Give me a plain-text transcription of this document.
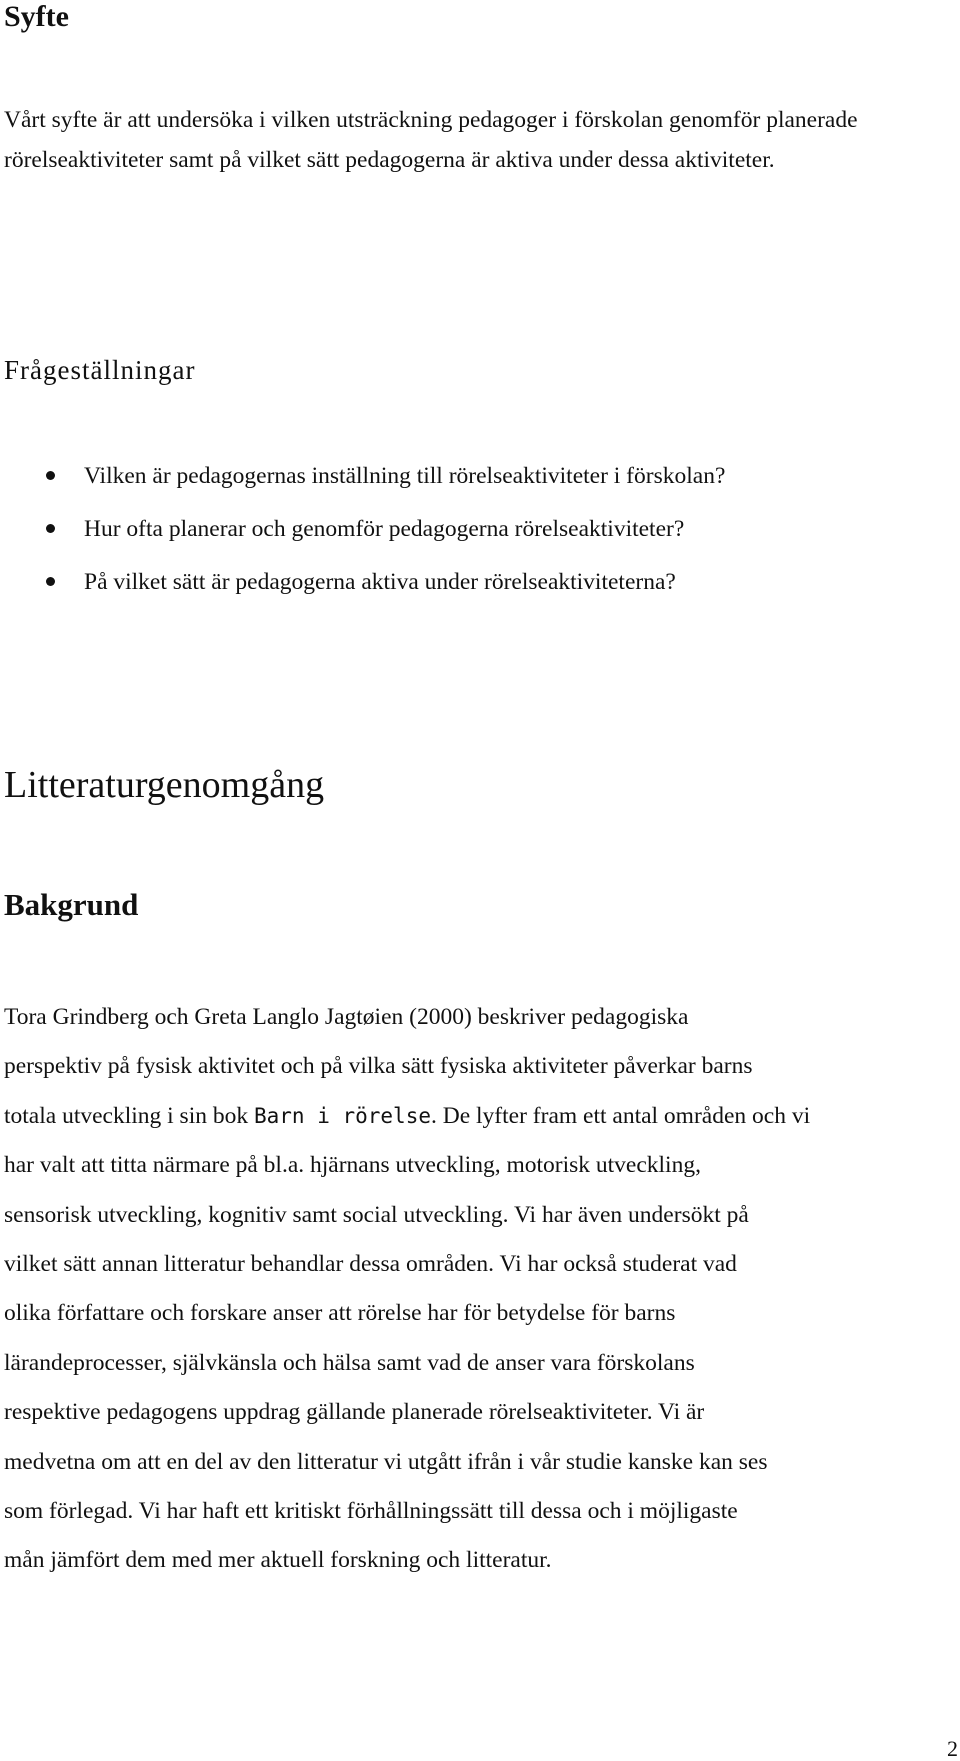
Syfte

Vårt syfte är att undersöka i vilken utsträckning pedagoger i förskolan genomför planerade rörelseaktiviteter samt på vilket sätt pedagogerna är aktiva under dessa aktiviteter.

Frågeställningar
Vilken är pedagogernas inställning till rörelseaktiviteter i förskolan?
Hur ofta planerar och genomför pedagogerna rörelseaktiviteter?
På vilket sätt är pedagogerna aktiva under rörelseaktiviteterna?
Litteraturgenomgång
Bakgrund
Tora Grindberg och Greta Langlo Jagtøien (2000) beskriver pedagogiska
perspektiv på fysisk aktivitet och på vilka sätt fysiska aktiviteter påverkar barns
totala utveckling i sin bok Barn i rörelse. De lyfter fram ett antal områden och vi
har valt att titta närmare på bl.a. hjärnans utveckling, motorisk utveckling,
sensorisk utveckling, kognitiv samt social utveckling. Vi har även undersökt på
vilket sätt annan litteratur behandlar dessa områden. Vi har också studerat vad
olika författare och forskare anser att rörelse har för betydelse för barns
lärandeprocesser, självkänsla och hälsa samt vad de anser vara förskolans
respektive pedagogens uppdrag gällande planerade rörelseaktiviteter. Vi är
medvetna om att en del av den litteratur vi utgått ifrån i vår studie kanske kan ses
som förlegad. Vi har haft ett kritiskt förhållningssätt till dessa och i möjligaste
mån jämfört dem med mer aktuell forskning och litteratur.

2
